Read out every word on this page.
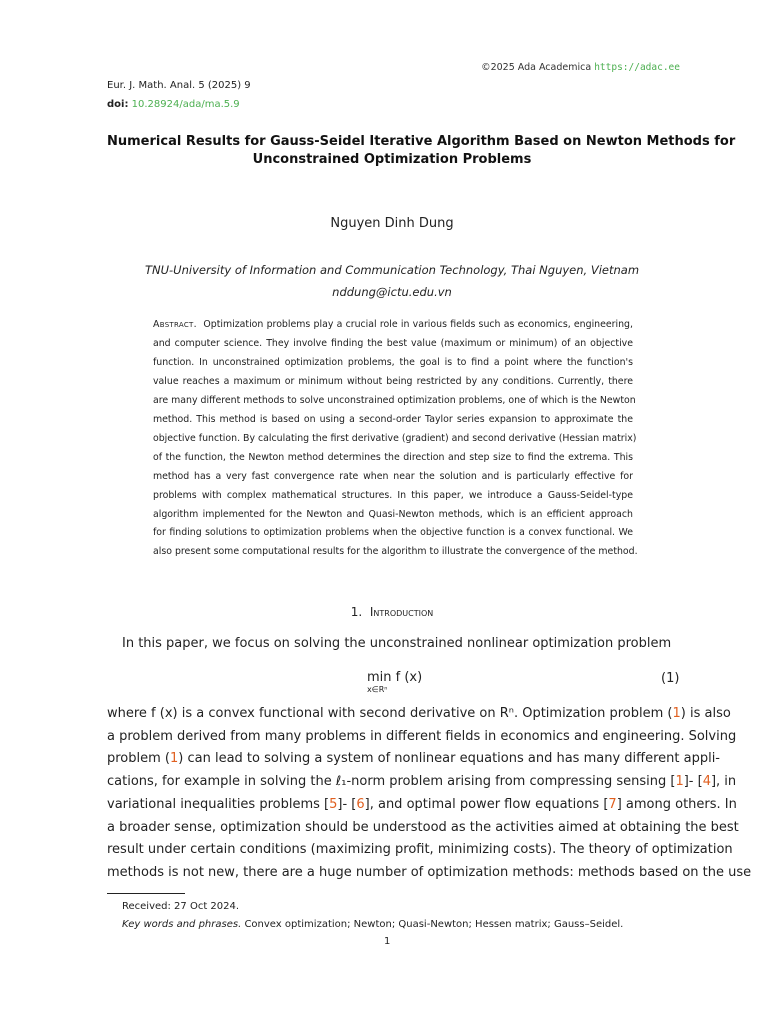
©2025 Ada Academica https://adac.ee
Eur. J. Math. Anal. 5 (2025) 9
doi: 10.28924/ada/ma.5.9
Numerical Results for Gauss-Seidel Iterative Algorithm Based on Newton Methods for
Unconstrained Optimization Problems
Nguyen Dinh Dung
TNU-University of Information and Communication Technology, Thai Nguyen, Vietnam
nddung@ictu.edu.vn
Abstract. Optimization problems play a crucial role in various fields such as economics, engineering,
and computer science. They involve finding the best value (maximum or minimum) of an objective
function. In unconstrained optimization problems, the goal is to find a point where the function's
value reaches a maximum or minimum without being restricted by any conditions. Currently, there
are many different methods to solve unconstrained optimization problems, one of which is the Newton
method. This method is based on using a second-order Taylor series expansion to approximate the
objective function. By calculating the first derivative (gradient) and second derivative (Hessian matrix)
of the function, the Newton method determines the direction and step size to find the extrema. This
method has a very fast convergence rate when near the solution and is particularly effective for
problems with complex mathematical structures. In this paper, we introduce a Gauss-Seidel-type
algorithm implemented for the Newton and Quasi-Newton methods, which is an efficient approach
for finding solutions to optimization problems when the objective function is a convex functional. We
also present some computational results for the algorithm to illustrate the convergence of the method.
1. Introduction
In this paper, we focus on solving the unconstrained nonlinear optimization problem
min f (x)
x∈Rⁿ
(1)
where f (x) is a convex functional with second derivative on Rⁿ. Optimization problem (1) is also
a problem derived from many problems in different fields in economics and engineering. Solving
problem (1) can lead to solving a system of nonlinear equations and has many different appli-
cations, for example in solving the ℓ₁-norm problem arising from compressing sensing [1]- [4], in
variational inequalities problems [5]- [6], and optimal power flow equations [7] among others. In
a broader sense, optimization should be understood as the activities aimed at obtaining the best
result under certain conditions (maximizing profit, minimizing costs). The theory of optimization
methods is not new, there are a huge number of optimization methods: methods based on the use
Received: 27 Oct 2024.
Key words and phrases. Convex optimization; Newton; Quasi-Newton; Hessen matrix; Gauss–Seidel.
1
